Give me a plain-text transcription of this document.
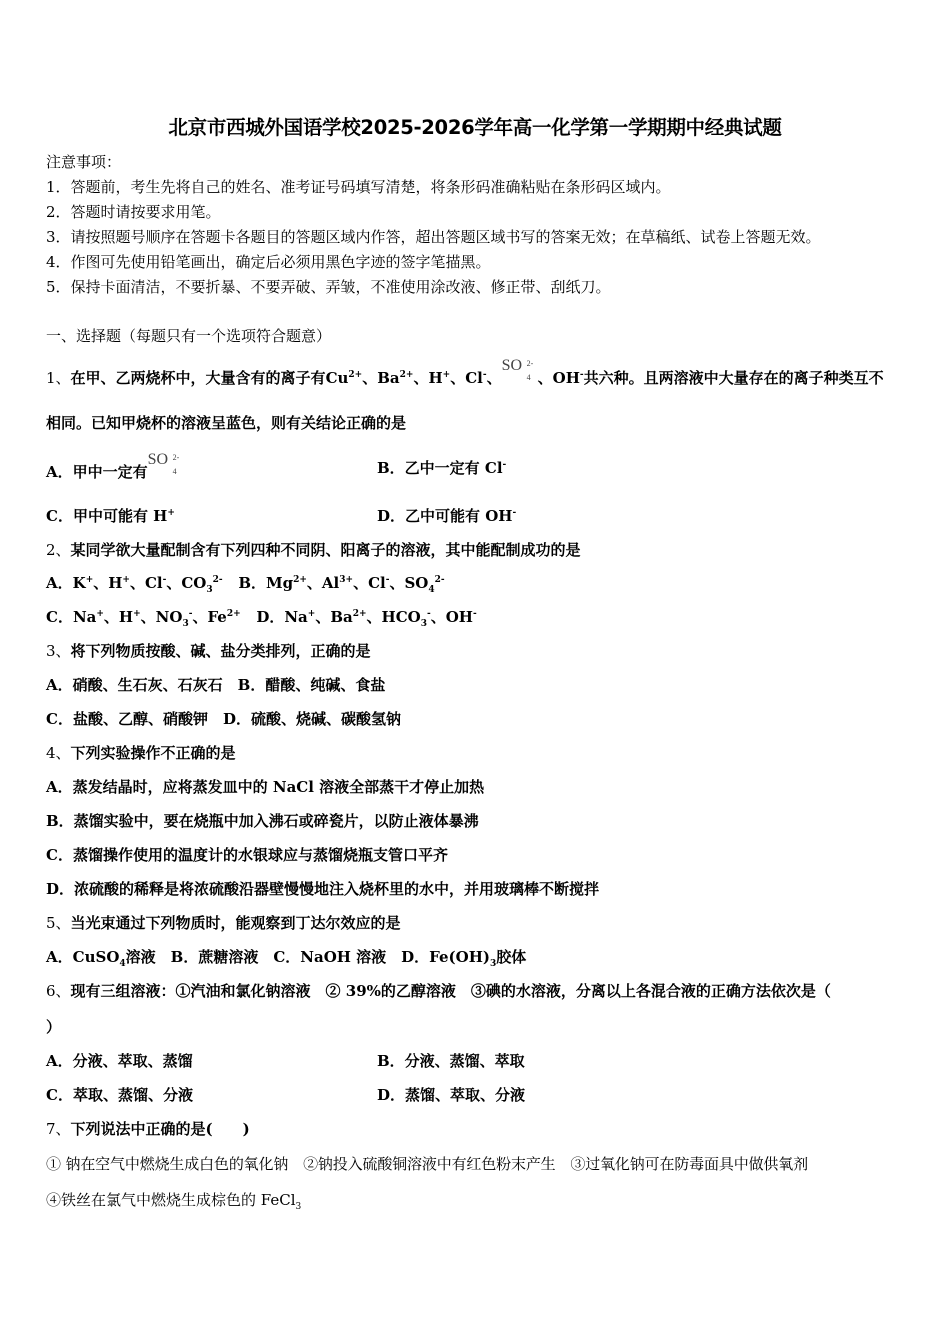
北京市西城外国语学校2025-2026学年高一化学第一学期期中经典试题
注意事项：
1．答题前，考生先将自己的姓名、准考证号码填写清楚，将条形码准确粘贴在条形码区域内。
2．答题时请按要求用笔。
3．请按照题号顺序在答题卡各题目的答题区域内作答，超出答题区域书写的答案无效；在草稿纸、试卷上答题无效。
4．作图可先使用铅笔画出，确定后必须用黑色字迹的签字笔描黑。
5．保持卡面清洁，不要折暴、不要弄破、弄皱，不准使用涂改液、修正带、刮纸刀。
一、选择题（每题只有一个选项符合题意）
1、在甲、乙两烧杯中，大量含有的离子有$Cu^{2+}$、$Ba^{2+}$、H+、Cl-、
SO 2-
4 、OH-共六种。且两溶液中大量存在的离子种类互不
相同。已知甲烧杯的溶液呈蓝色，则有关结论正确的是
A．甲中一定有
SO 2-
4	B．乙中一定有 Cl-
C．甲中可能有 H+	D．乙中可能有 OH-
2、某同学欲大量配制含有下列四种不同阴、阳离子的溶液，其中能配制成功的是
A．K+、H+、Cl-、$CO_3^{2-}$ B．$Mg^{2+}$、$Al^{3+}$、Cl-、$SO_4^{2-}$
C．Na+、H+、$NO_3^-$、$Fe^{2+}$ D．Na+、$Ba^{2+}$、$HCO_3^-$、OH-
3、将下列物质按酸、碱、盐分类排列，正确的是
A．硝酸、生石灰、石灰石　B．醋酸、纯碱、食盐
C．盐酸、乙醇、硝酸钾　D．硫酸、烧碱、碳酸氢钠
4、下列实验操作不正确的是
A．蒸发结晶时，应将蒸发皿中的 NaCl 溶液全部蒸干才停止加热
B．蒸馏实验中，要在烧瓶中加入沸石或碎瓷片，以防止液体暴沸
C．蒸馏操作使用的温度计的水银球应与蒸馏烧瓶支管口平齐
D．浓硫酸的稀释是将浓硫酸沿器壁慢慢地注入烧杯里的水中，并用玻璃棒不断搅拌
5、当光束通过下列物质时，能观察到丁达尔效应的是
A．CuSO$_4$溶液　B．蔗糖溶液　C．NaOH 溶液　D．$Fe(OH)_3$胶体
6、现有三组溶液：①汽油和氯化钠溶液　② 39%的乙醇溶液　③碘的水溶液，分离以上各混合液的正确方法依次是（
）
A．分液、萃取、蒸馏	B．分液、蒸馏、萃取
C．萃取、蒸馏、分液	D．蒸馏、萃取、分液
7、下列说法中正确的是(　　)
① 钠在空气中燃烧生成白色的氧化钠　②钠投入硫酸铜溶液中有红色粉末产生　③过氧化钠可在防毒面具中做供氧剂
④铁丝在氯气中燃烧生成棕色的 FeCl$_3$
